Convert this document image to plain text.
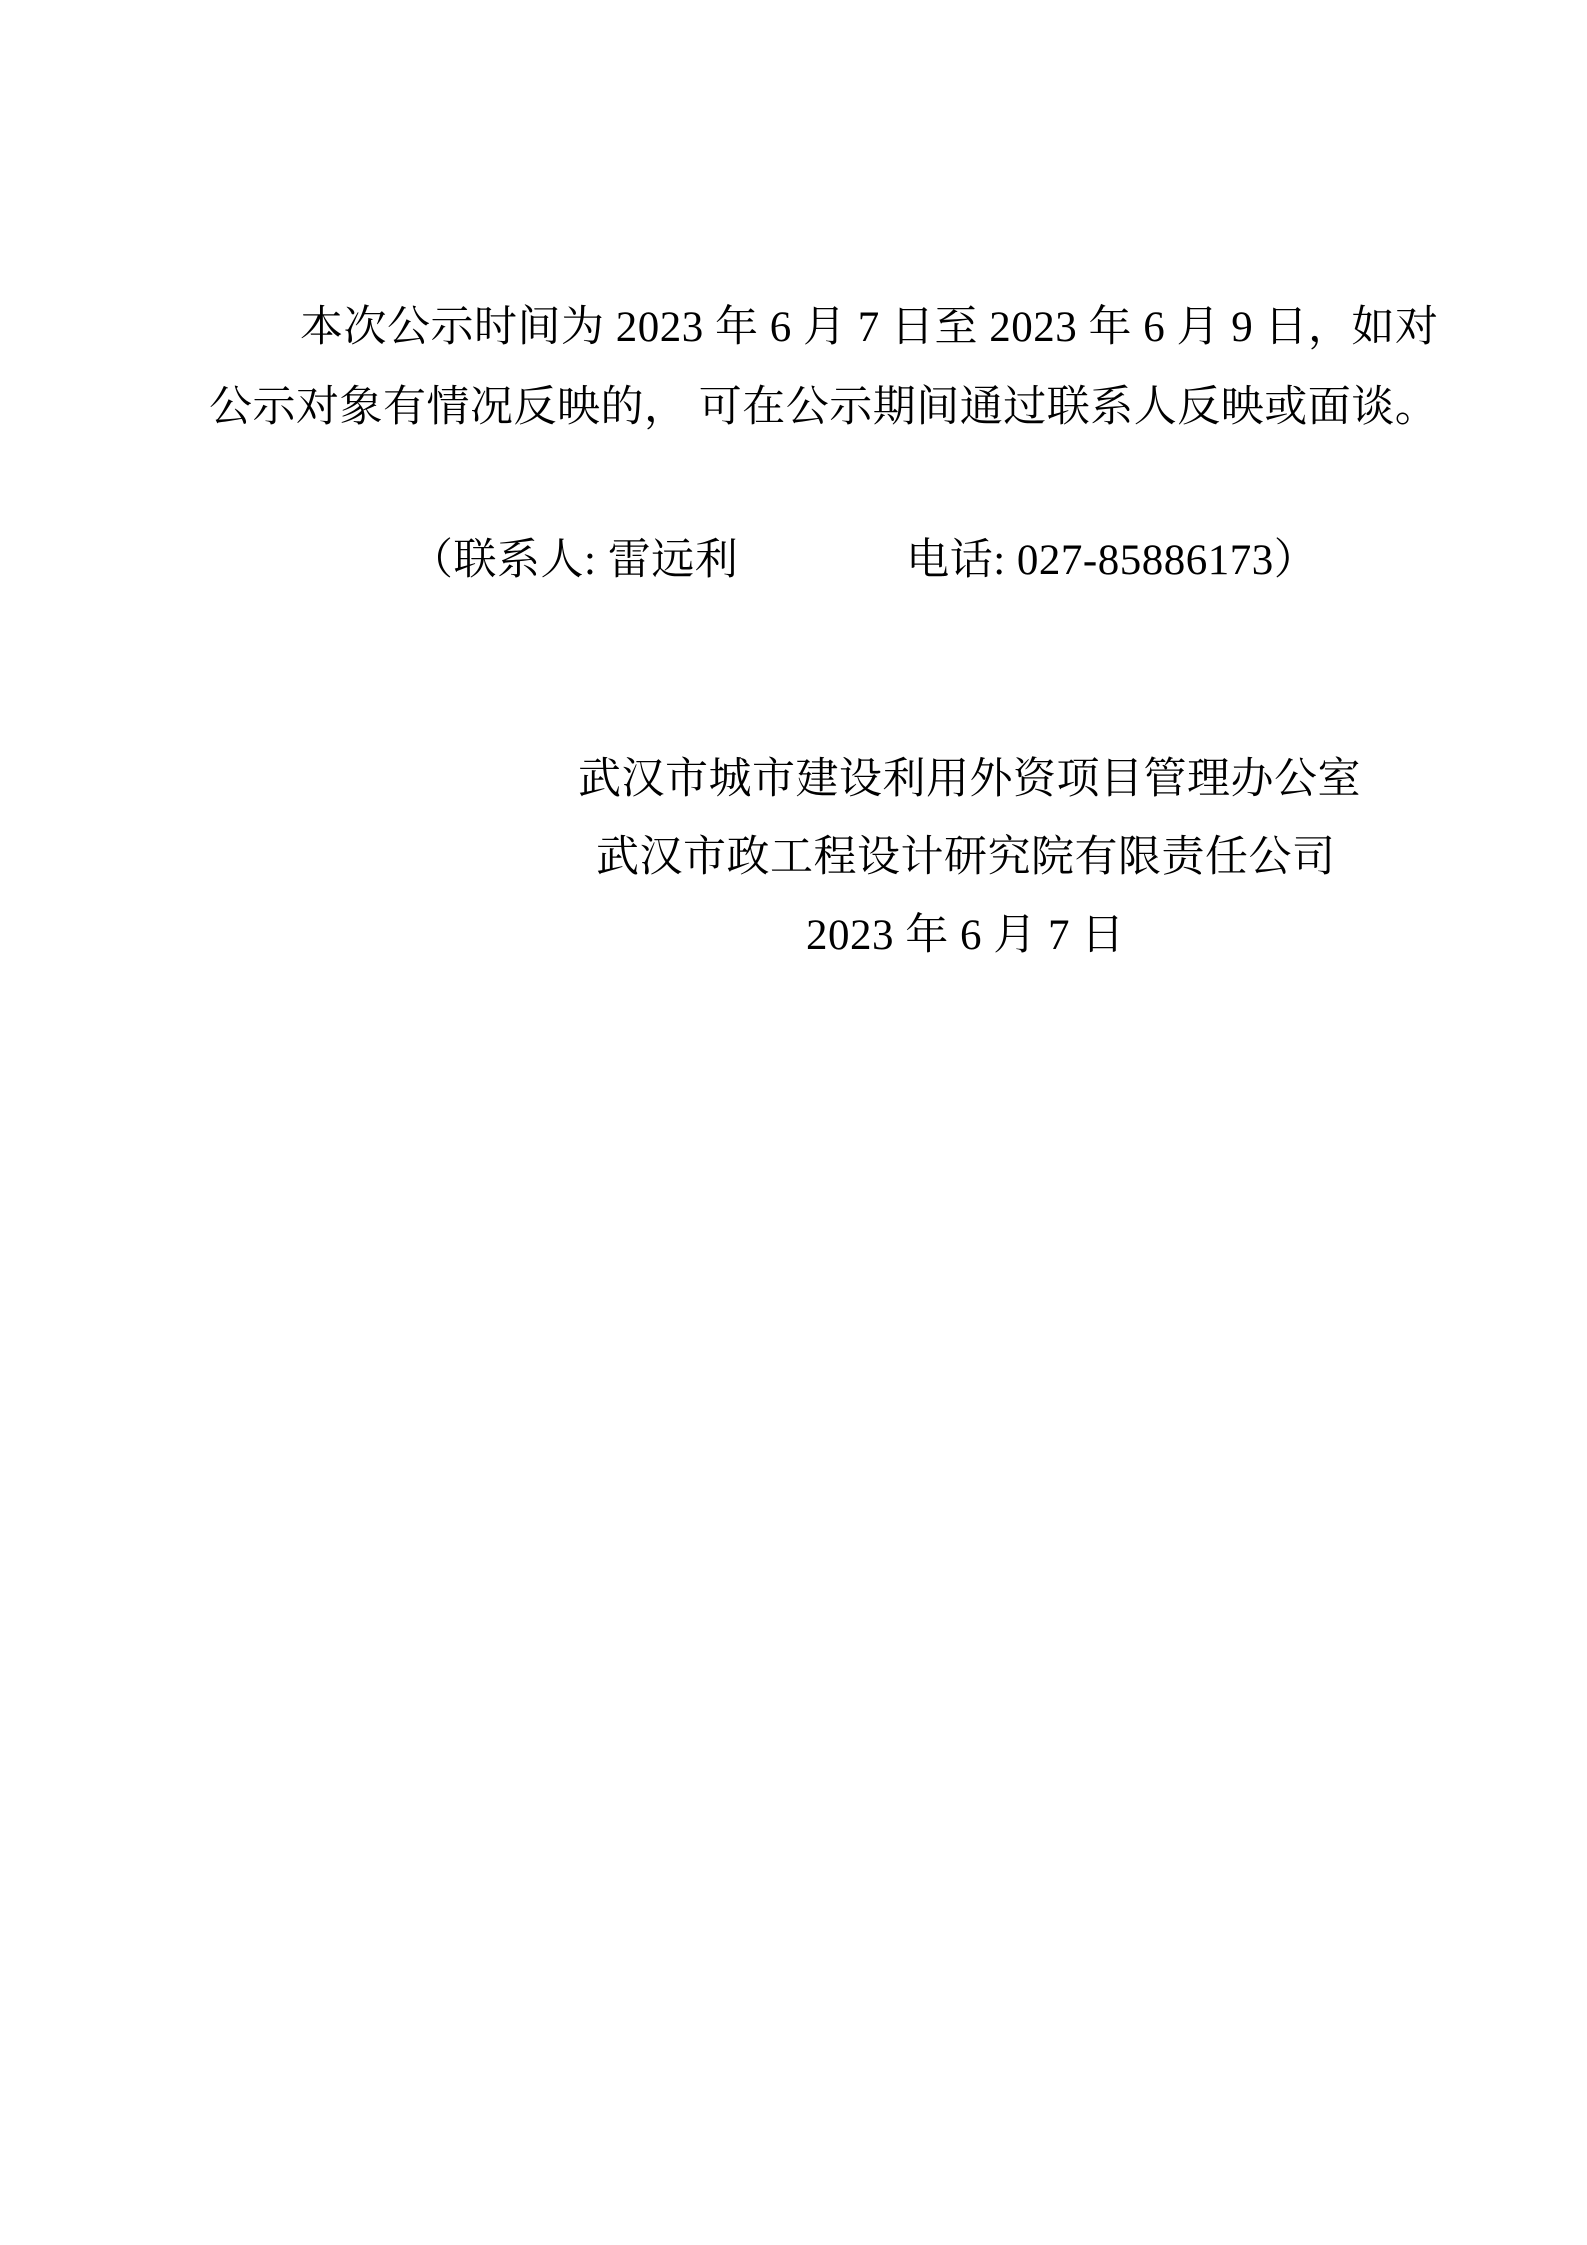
本次公示时间为 2023 年 6 月 7 日至 2023 年 6 月 9 日，如对
公示对象有情况反映的， 可在公示期间通过联系人反映或面谈。
（联系人: 雷远利	电话: 027-85886173）
武汉市城市建设利用外资项目管理办公室
武汉市政工程设计研究院有限责任公司
2023 年 6 月 7 日
